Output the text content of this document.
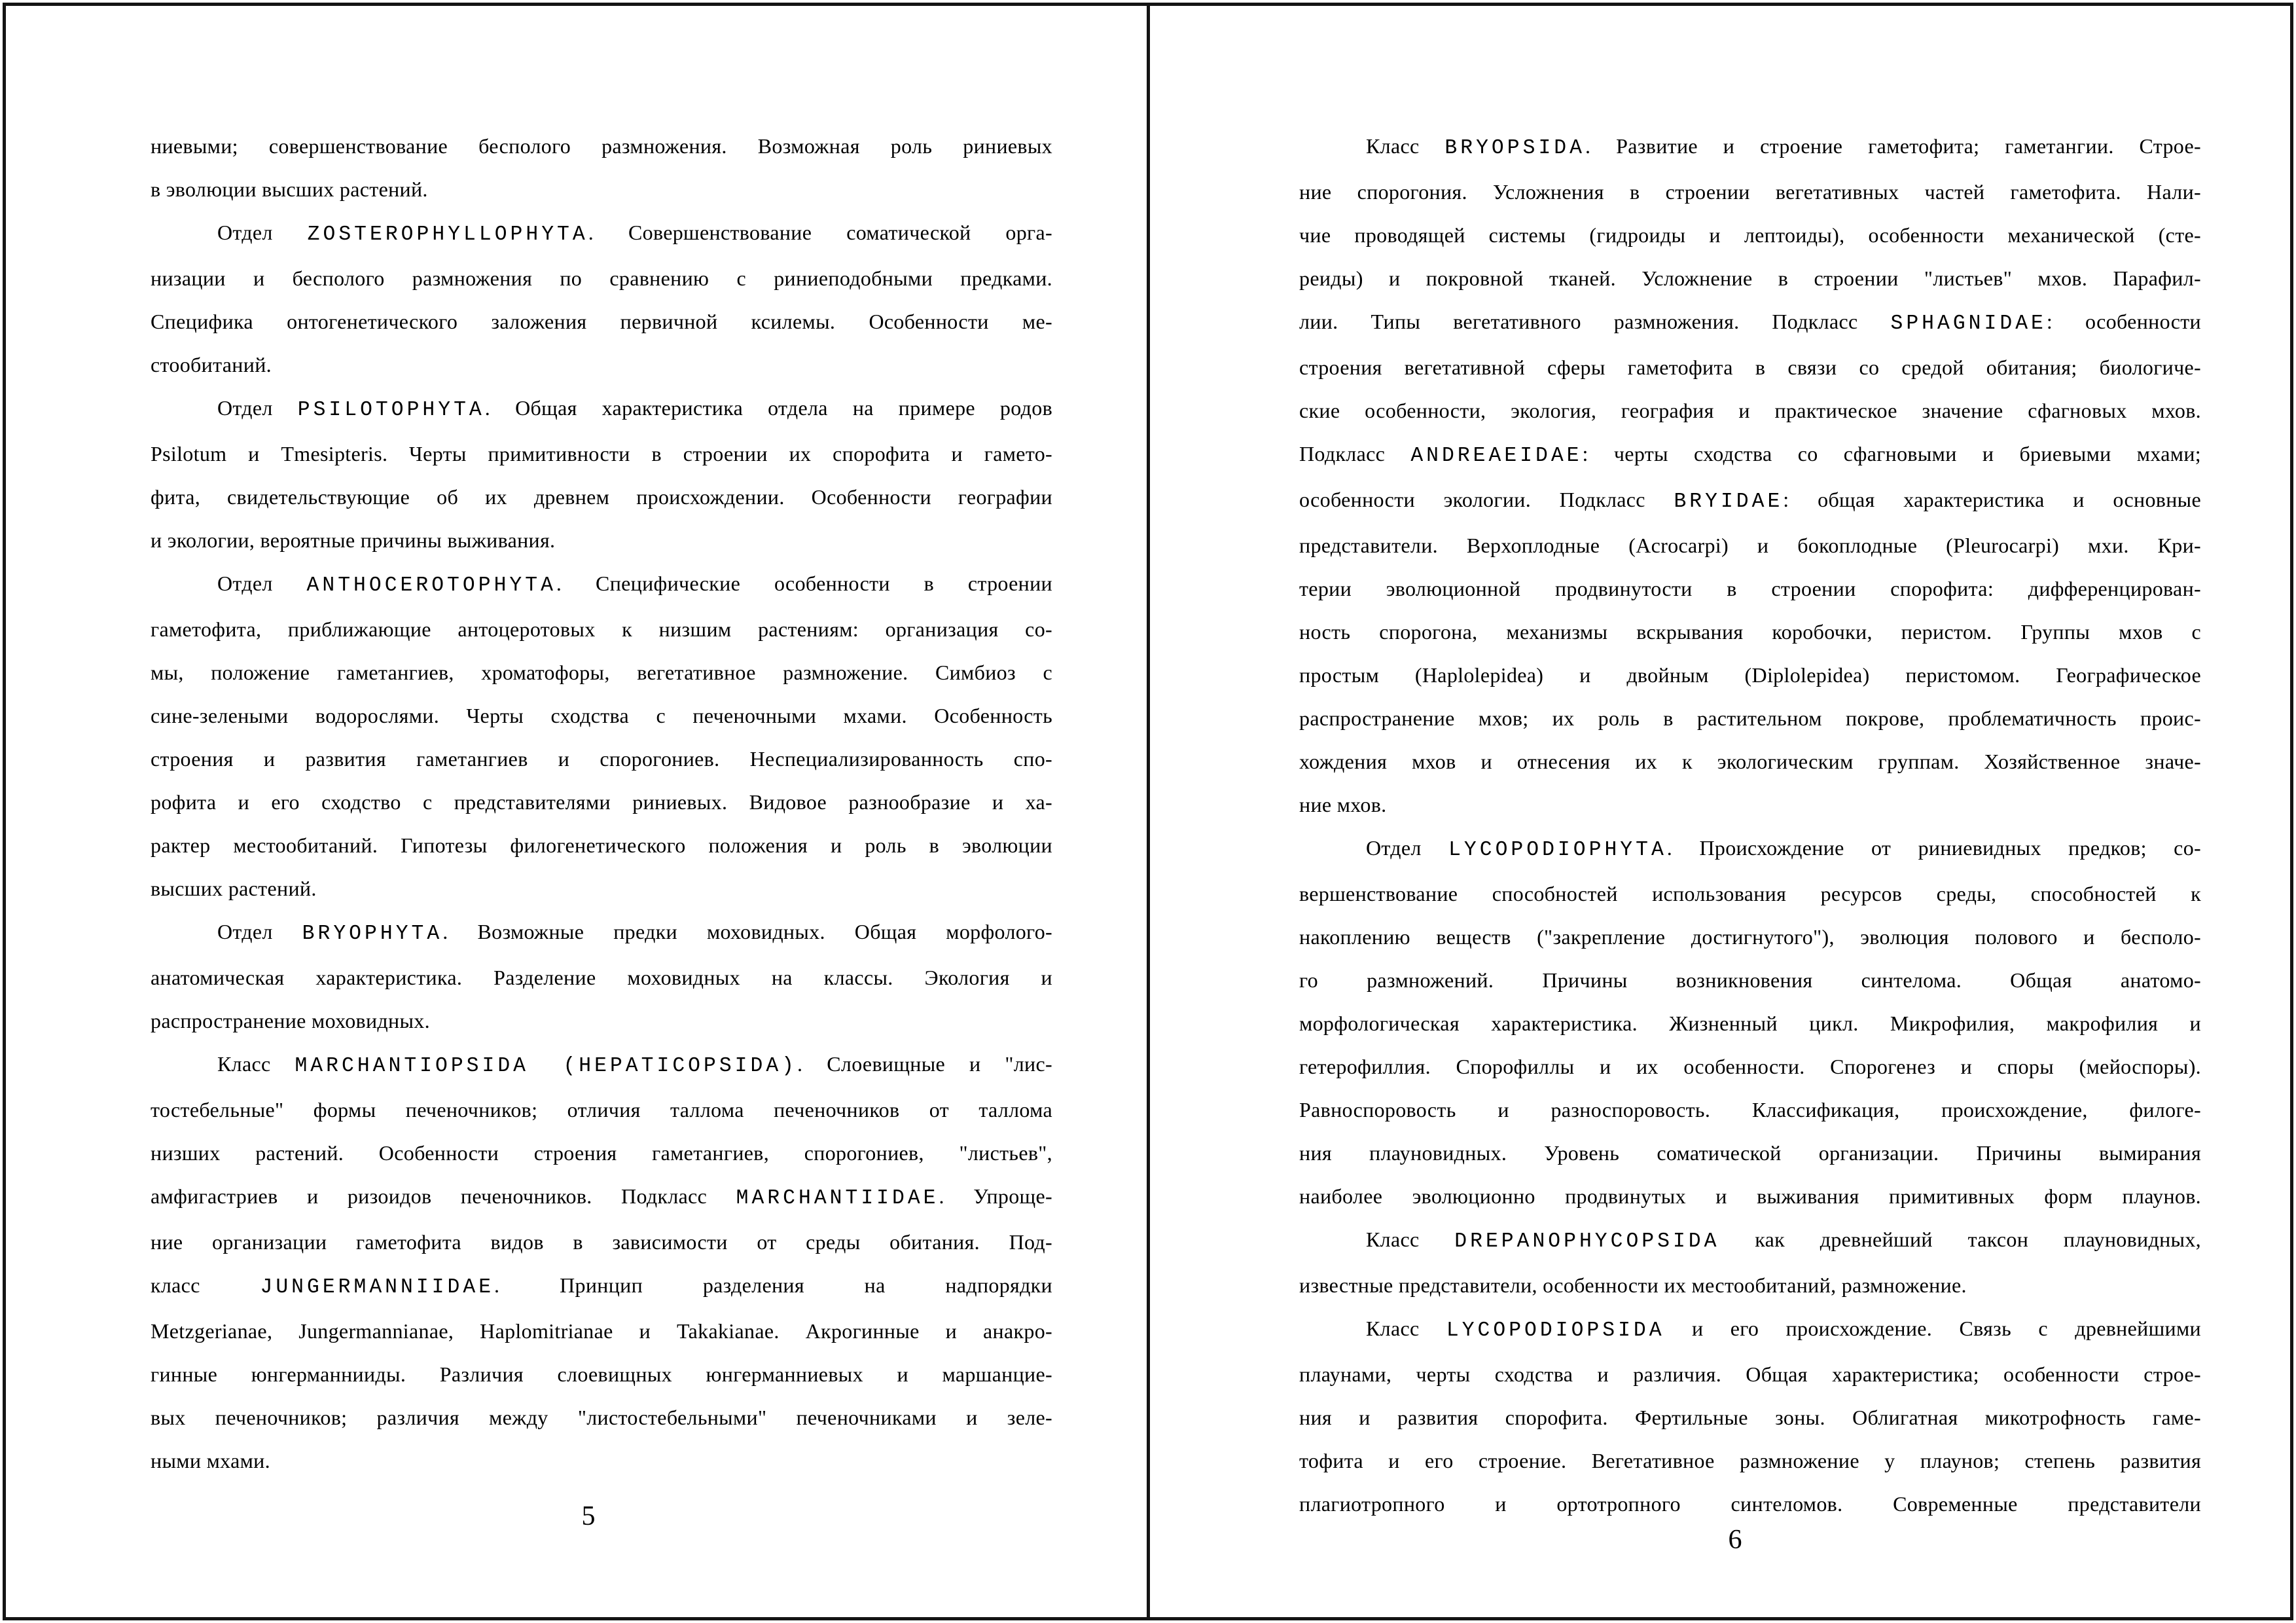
ниевыми; совершенствование бесполого размножения. Возможная роль риниевых
в эволюции высших растений.
Отдел ZOSTEROPHYLLOPHYTA. Совершенствование соматической орга-
низации и бесполого размножения по сравнению с риниеподобными предками.
Специфика онтогенетического заложения первичной ксилемы. Особенности ме-
стообитаний.
Отдел PSILOTOPHYTA. Общая характеристика отдела на примере родов
Psilotum и Tmesipteris. Черты примитивности в строении их спорофита и гамето-
фита, свидетельствующие об их древнем происхождении. Особенности географии
и экологии, вероятные причины выживания.
Отдел ANTHOCEROTOPHYTA. Специфические особенности в строении
гаметофита, приближающие антоцеротовых к низшим растениям: организация со-
мы, положение гаметангиев, хроматофоры, вегетативное размножение. Симбиоз с
сине-зелеными водорослями. Черты сходства с печеночными мхами. Особенность
строения и развития гаметангиев и спорогониев. Неспециализированность спо-
рофита и его сходство с представителями риниевых. Видовое разнообразие и ха-
рактер местообитаний. Гипотезы филогенетического положения и роль в эволюции
высших растений.
Отдел BRYOPHYTA. Возможные предки моховидных. Общая морфолого-
анатомическая характеристика. Разделение моховидных на классы. Экология и
распространение моховидных.
Класс MARCHANTIOPSIDA (HEPATICOPSIDA). Слоевищные и "лис-
тостебельные" формы печеночников; отличия таллома печеночников от таллома
низших растений. Особенности строения гаметангиев, спорогониев, "листьев",
амфигастриев и ризоидов печеночников. Подкласс MARCHANTIIDAE. Упроще-
ние организации гаметофита видов в зависимости от среды обитания. Под-
класс JUNGERMANNIIDAE. Принцип разделения на надпорядки
Metzgerianae, Jungermannianae, Haplomitrianae и Takakianae. Акрогинные и анакро-
гинные юнгерманнииды. Различия слоевищных юнгерманниевых и маршанцие-
вых печеночников; различия между "листостебельными" печеночниками и зеле-
ными мхами.
5
Класс BRYOPSIDA. Развитие и строение гаметофита; гаметангии. Строе-
ние спорогония. Усложнения в строении вегетативных частей гаметофита. Нали-
чие проводящей системы (гидроиды и лептоиды), особенности механической (сте-
реиды) и покровной тканей. Усложнение в строении "листьев" мхов. Парафил-
лии. Типы вегетативного размножения. Подкласс SPHAGNIDAE: особенности
строения вегетативной сферы гаметофита в связи со средой обитания; биологиче-
ские особенности, экология, география и практическое значение сфагновых мхов.
Подкласс ANDREAEIDAE: черты сходства со сфагновыми и бриевыми мхами;
особенности экологии. Подкласс BRYIDAE: общая характеристика и основные
представители. Верхоплодные (Acrocarpi) и бокоплодные (Pleurocarpi) мхи. Кри-
терии эволюционной продвинутости в строении спорофита: дифференцирован-
ность спорогона, механизмы вскрывания коробочки, перистом. Группы мхов с
простым (Haplolepidea) и двойным (Diplolepidea) перистомом. Географическое
распространение мхов; их роль в растительном покрове, проблематичность проис-
хождения мхов и отнесения их к экологическим группам. Хозяйственное значе-
ние мхов.
Отдел LYCOPODIOPHYTA. Происхождение от риниевидных предков; со-
вершенствование способностей использования ресурсов среды, способностей к
накоплению веществ ("закрепление достигнутого"), эволюция полового и бесполо-
го размножений. Причины возникновения синтелома. Общая анатомо-
морфологическая характеристика. Жизненный цикл. Микрофилия, макрофилия и
гетерофиллия. Спорофиллы и их особенности. Спорогенез и споры (мейоспоры).
Равноспоровость и разноспоровость. Классификация, происхождение, филоге-
ния плауновидных. Уровень соматической организации. Причины вымирания
наиболее эволюционно продвинутых и выживания примитивных форм плаунов.
Класс DREPANOPHYCOPSIDA как древнейший таксон плауновидных,
известные представители, особенности их местообитаний, размножение.
Класс LYCOPODIOPSIDA и его происхождение. Связь с древнейшими
плаунами, черты сходства и различия. Общая характеристика; особенности строе-
ния и развития спорофита. Фертильные зоны. Облигатная микотрофность гаме-
тофита и его строение. Вегетативное размножение у плаунов; степень развития
плагиотропного и ортотропного синтеломов. Современные представители
6
